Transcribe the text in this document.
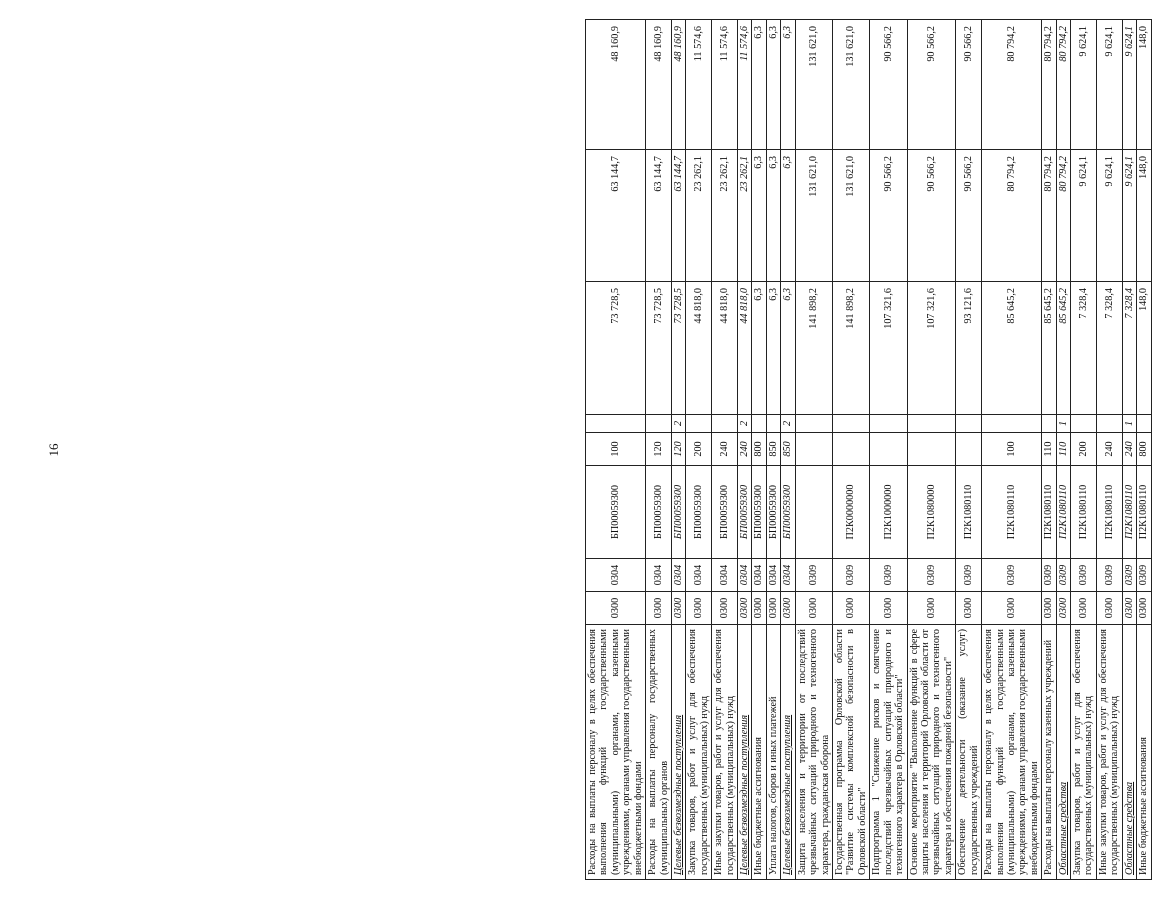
16
Расходы на выплаты персоналу в целях обеспечения выполнения функций государственными (муниципальными) органами, казенными учреждениями, органами управления государственными внебюджетными фондами	0300	0304	БП00059300	100		73 728,5	63 144,7	48 160,9
Расходы на выплаты персоналу государственных (муниципальных) органов	0300	0304	БП00059300	120		73 728,5	63 144,7	48 160,9
Целевые безвозмездные поступления	0300	0304	БП00059300	120	2	73 728,5	63 144,7	48 160,9
Закупка товаров, работ и услуг для обеспечения государственных (муниципальных) нужд	0300	0304	БП00059300	200		44 818,0	23 262,1	11 574,6
Иные закупки товаров, работ и услуг для обеспечения государственных (муниципальных) нужд	0300	0304	БП00059300	240		44 818,0	23 262,1	11 574,6
Целевые безвозмездные поступления	0300	0304	БП00059300	240	2	44 818,0	23 262,1	11 574,6
Иные бюджетные ассигнования	0300	0304	БП00059300	800		6,3	6,3	6,3
Уплата налогов, сборов и иных платежей	0300	0304	БП00059300	850		6,3	6,3	6,3
Целевые безвозмездные поступления	0300	0304	БП00059300	850	2	6,3	6,3	6,3
Защита населения и территории от последствий чрезвычайных ситуаций природного и техногенного характера, гражданская оборона	0300	0309				141 898,2	131 621,0	131 621,0
Государственная программа Орловской области "Развитие системы комплексной безопасности в Орловской области"	0300	0309	П2К0000000			141 898,2	131 621,0	131 621,0
Подпрограмма 1 "Снижение рисков и смягчение последствий чрезвычайных ситуаций природного и техногенного характера в Орловской области"	0300	0309	П2К1000000			107 321,6	90 566,2	90 566,2
Основное мероприятие "Выполнение функций в сфере защиты населения и территорий Орловской области от чрезвычайных ситуаций природного и техногенного характера и обеспечения пожарной безопасности"	0300	0309	П2К1080000			107 321,6	90 566,2	90 566,2
Обеспечение деятельности (оказание услуг) государственных учреждений	0300	0309	П2К1080110			93 121,6	90 566,2	90 566,2
Расходы на выплаты персоналу в целях обеспечения выполнения функций государственными (муниципальными) органами, казенными учреждениями, органами управления государственными внебюджетными фондами	0300	0309	П2К1080110	100		85 645,2	80 794,2	80 794,2
Расходы на выплаты персоналу казенных учреждений	0300	0309	П2К1080110	110		85 645,2	80 794,2	80 794,2
Областные средства	0300	0309	П2К1080110	110	1	85 645,2	80 794,2	80 794,2
Закупка товаров, работ и услуг для обеспечения государственных (муниципальных) нужд	0300	0309	П2К1080110	200		7 328,4	9 624,1	9 624,1
Иные закупки товаров, работ и услуг для обеспечения государственных (муниципальных) нужд	0300	0309	П2К1080110	240		7 328,4	9 624,1	9 624,1
Областные средства	0300	0309	П2К1080110	240	1	7 328,4	9 624,1	9 624,1
Иные бюджетные ассигнования	0300	0309	П2К1080110	800		148,0	148,0	148,0
